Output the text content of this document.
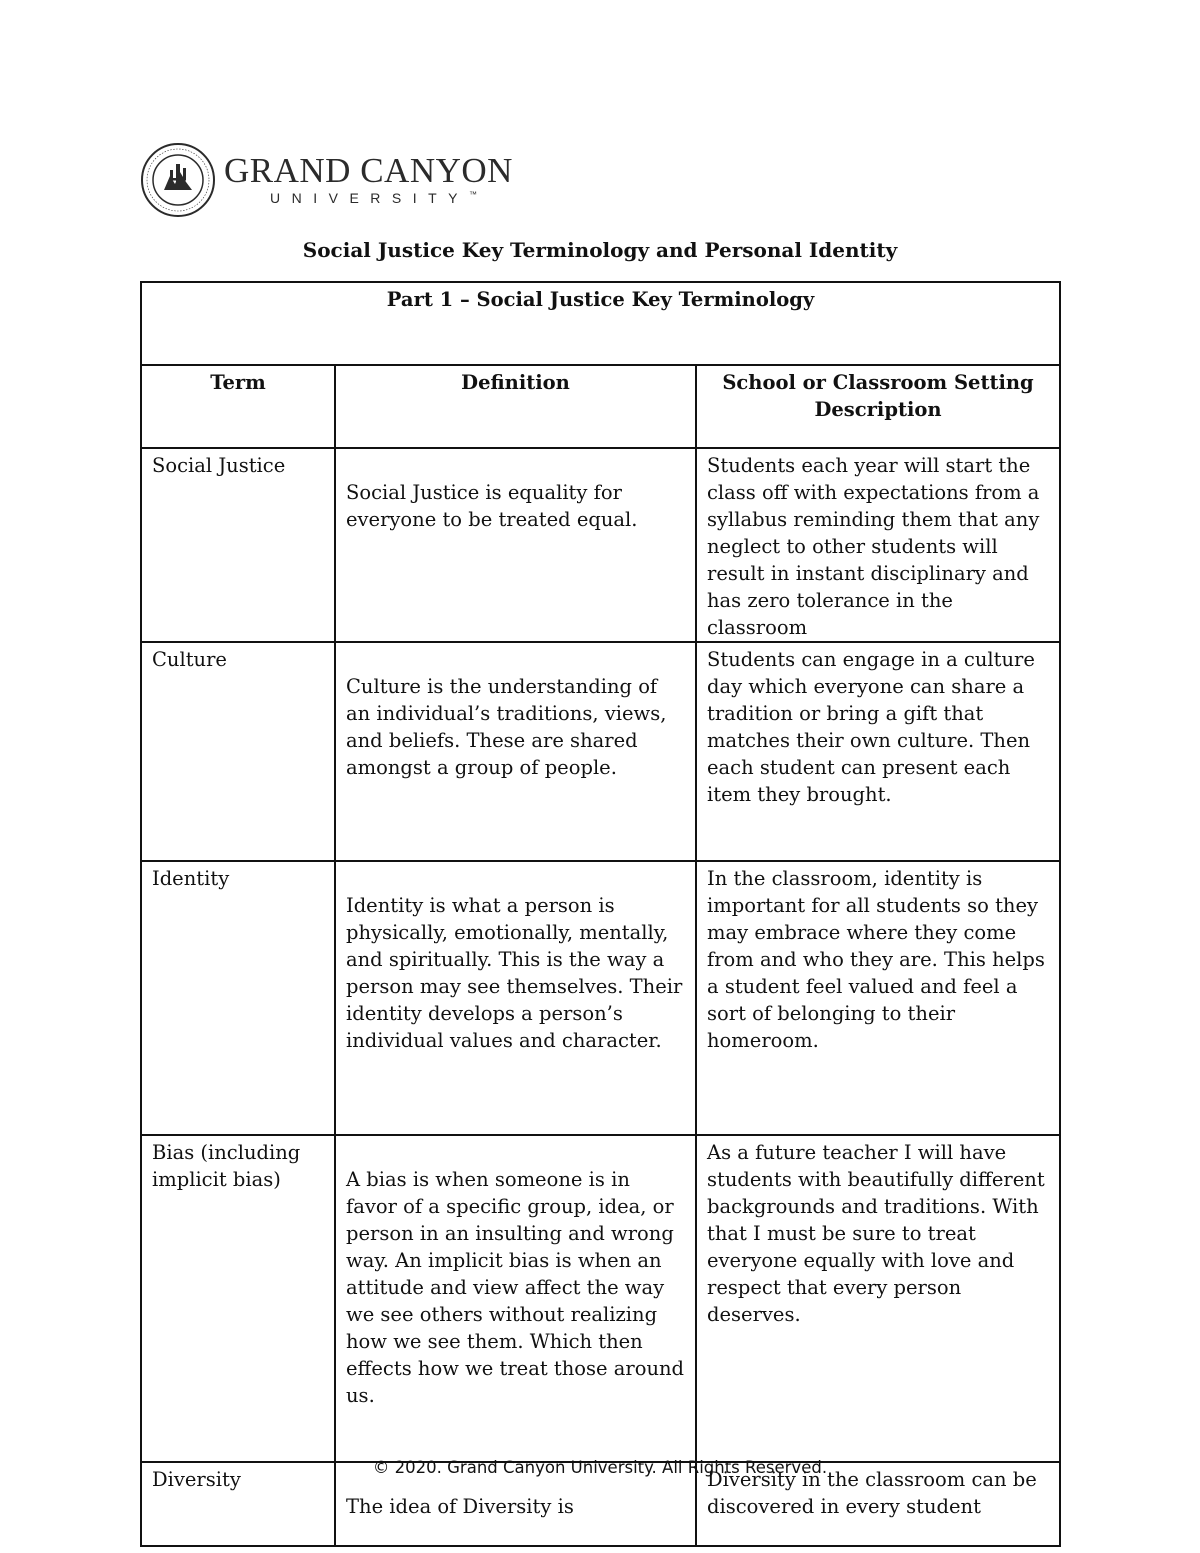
GRAND CANYON
UNIVERSITY™
Social Justice Key Terminology and Personal Identity
Part 1 – Social Justice Key Terminology		
Term	Definition	School or Classroom Setting Description
Social Justice	Social Justice is equality for everyone to be treated equal.	Students each year will start the class off with expectations from a syllabus reminding them that any neglect to other students will result in instant disciplinary and has zero tolerance in the classroom
Culture	Culture is the understanding of an individual’s traditions, views, and beliefs. These are shared amongst a group of people.	Students can engage in a culture day which everyone can share a tradition or bring a gift that matches their own culture. Then each student can present each item they brought.
Identity	Identity is what a person is physically, emotionally, mentally, and spiritually. This is the way a person may see themselves. Their identity develops a person’s individual values and character.	In the classroom, identity is important for all students so they may embrace where they come from and who they are. This helps a student feel valued and feel a sort of belonging to their homeroom.
Bias (including implicit bias)	A bias is when someone is in favor of a specific group, idea, or person in an insulting and wrong way. An implicit bias is when an attitude and view affect the way we see others without realizing how we see them. Which then effects how we treat those around us.	As a future teacher I will have students with beautifully different backgrounds and traditions. With that I must be sure to treat everyone equally with love and respect that every person deserves.
Diversity	The idea of Diversity is	Diversity in the classroom can be discovered in every student
© 2020. Grand Canyon University. All Rights Reserved.
